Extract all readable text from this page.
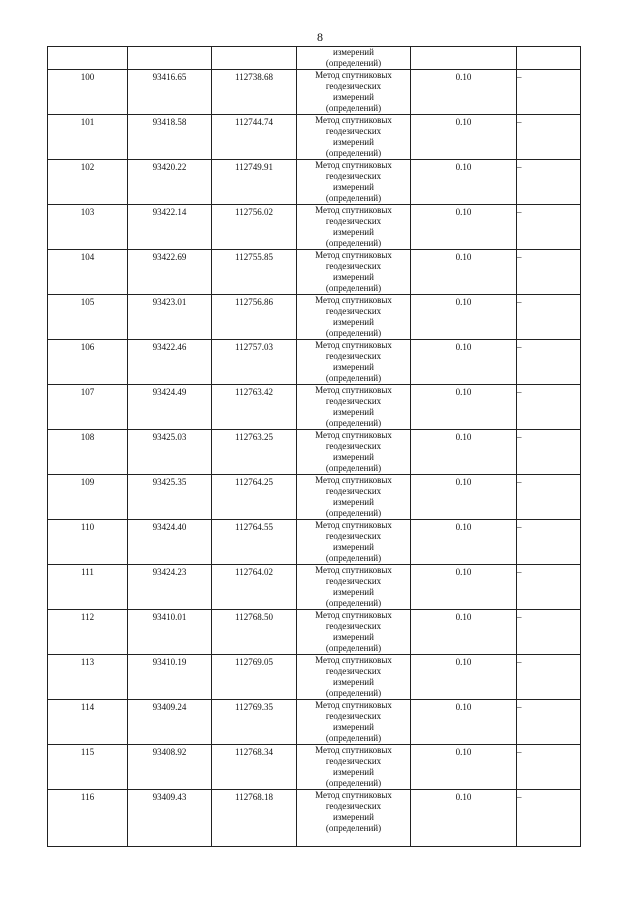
8
			измерений
(определений)		

100	93416.65	112738.68	Метод спутниковых
геодезических
измерений
(определений)	0.10	–

101	93418.58	112744.74	Метод спутниковых
геодезических
измерений
(определений)	0.10	–

102	93420.22	112749.91	Метод спутниковых
геодезических
измерений
(определений)	0.10	–

103	93422.14	112756.02	Метод спутниковых
геодезических
измерений
(определений)	0.10	–

104	93422.69	112755.85	Метод спутниковых
геодезических
измерений
(определений)	0.10	–

105	93423.01	112756.86	Метод спутниковых
геодезических
измерений
(определений)	0.10	–

106	93422.46	112757.03	Метод спутниковых
геодезических
измерений
(определений)	0.10	–

107	93424.49	112763.42	Метод спутниковых
геодезических
измерений
(определений)	0.10	–

108	93425.03	112763.25	Метод спутниковых
геодезических
измерений
(определений)	0.10	–

109	93425.35	112764.25	Метод спутниковых
геодезических
измерений
(определений)	0.10	–

110	93424.40	112764.55	Метод спутниковых
геодезических
измерений
(определений)	0.10	–

111	93424.23	112764.02	Метод спутниковых
геодезических
измерений
(определений)	0.10	–

112	93410.01	112768.50	Метод спутниковых
геодезических
измерений
(определений)	0.10	–

113	93410.19	112769.05	Метод спутниковых
геодезических
измерений
(определений)	0.10	–

114	93409.24	112769.35	Метод спутниковых
геодезических
измерений
(определений)	0.10	–

115	93408.92	112768.34	Метод спутниковых
геодезических
измерений
(определений)	0.10	–

116	93409.43	112768.18	Метод спутниковых
геодезических
измерений
(определений)	0.10	–
